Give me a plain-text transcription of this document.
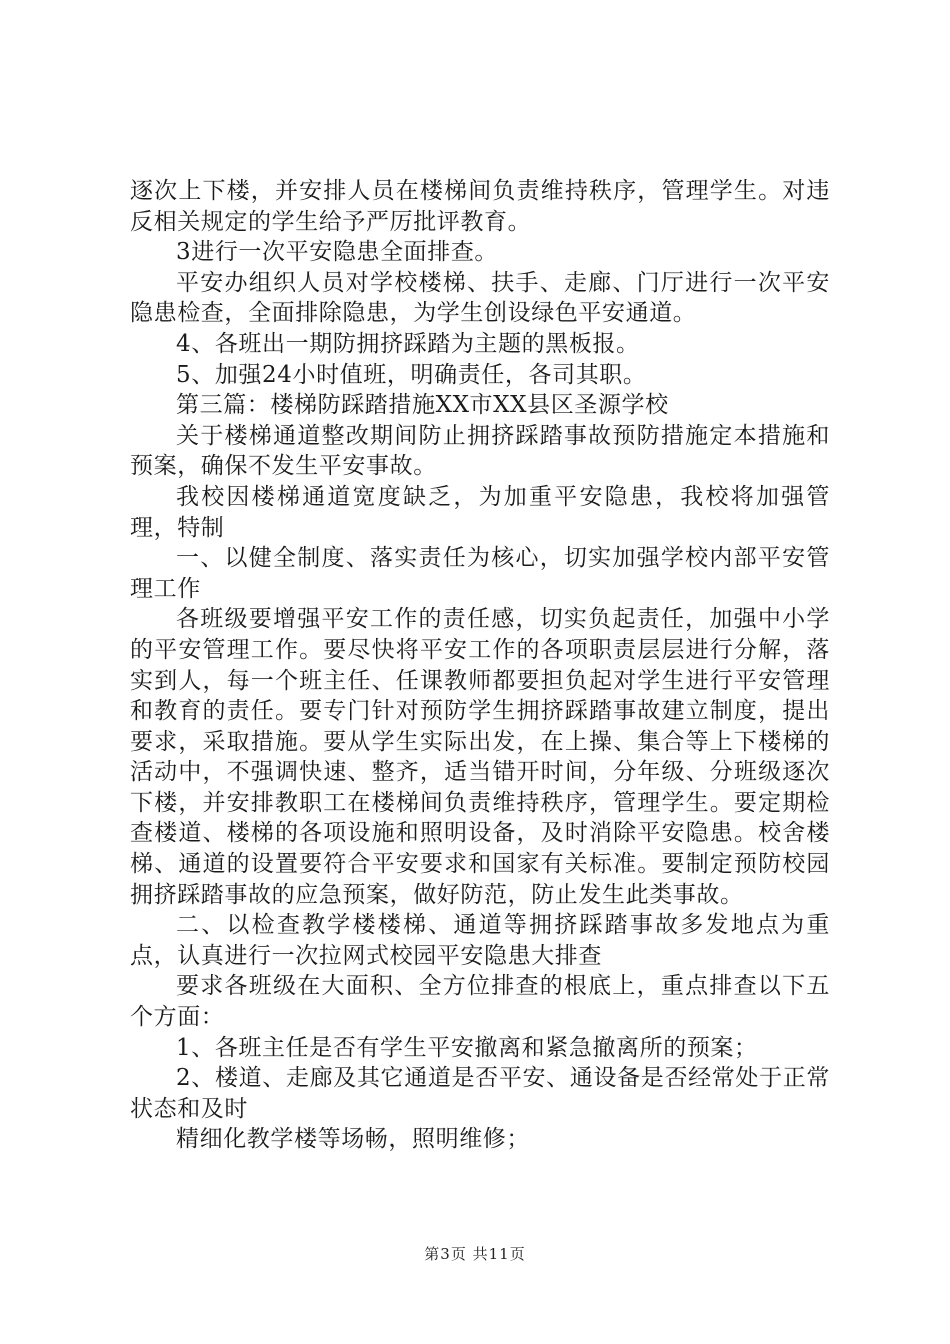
逐次上下楼，并安排人员在楼梯间负责维持秩序，管理学生。对违反相关规定的学生给予严厉批评教育。

3进行一次平安隐患全面排查。

平安办组织人员对学校楼梯、扶手、走廊、门厅进行一次平安隐患检查，全面排除隐患，为学生创设绿色平安通道。

4、各班出一期防拥挤踩踏为主题的黑板报。

5、加强24小时值班，明确责任，各司其职。

第三篇：楼梯防踩踏措施XX市XX县区圣源学校

关于楼梯通道整改期间防止拥挤踩踏事故预防措施定本措施和预案，确保不发生平安事故。

我校因楼梯通道宽度缺乏，为加重平安隐患，我校将加强管理，特制

一、以健全制度、落实责任为核心，切实加强学校内部平安管理工作

各班级要增强平安工作的责任感，切实负起责任，加强中小学的平安管理工作。要尽快将平安工作的各项职责层层进行分解，落实到人，每一个班主任、任课教师都要担负起对学生进行平安管理和教育的责任。要专门针对预防学生拥挤踩踏事故建立制度，提出要求，采取措施。要从学生实际出发，在上操、集合等上下楼梯的活动中，不强调快速、整齐，适当错开时间，分年级、分班级逐次下楼，并安排教职工在楼梯间负责维持秩序，管理学生。要定期检查楼道、楼梯的各项设施和照明设备，及时消除平安隐患。校舍楼梯、通道的设置要符合平安要求和国家有关标准。要制定预防校园拥挤踩踏事故的应急预案，做好防范，防止发生此类事故。

二、以检查教学楼楼梯、通道等拥挤踩踏事故多发地点为重点，认真进行一次拉网式校园平安隐患大排查

要求各班级在大面积、全方位排查的根底上，重点排查以下五个方面：

1、各班主任是否有学生平安撤离和紧急撤离所的预案；

2、楼道、走廊及其它通道是否平安、通设备是否经常处于正常状态和及时

精细化教学楼等场畅，照明维修；

第3页 共11页
